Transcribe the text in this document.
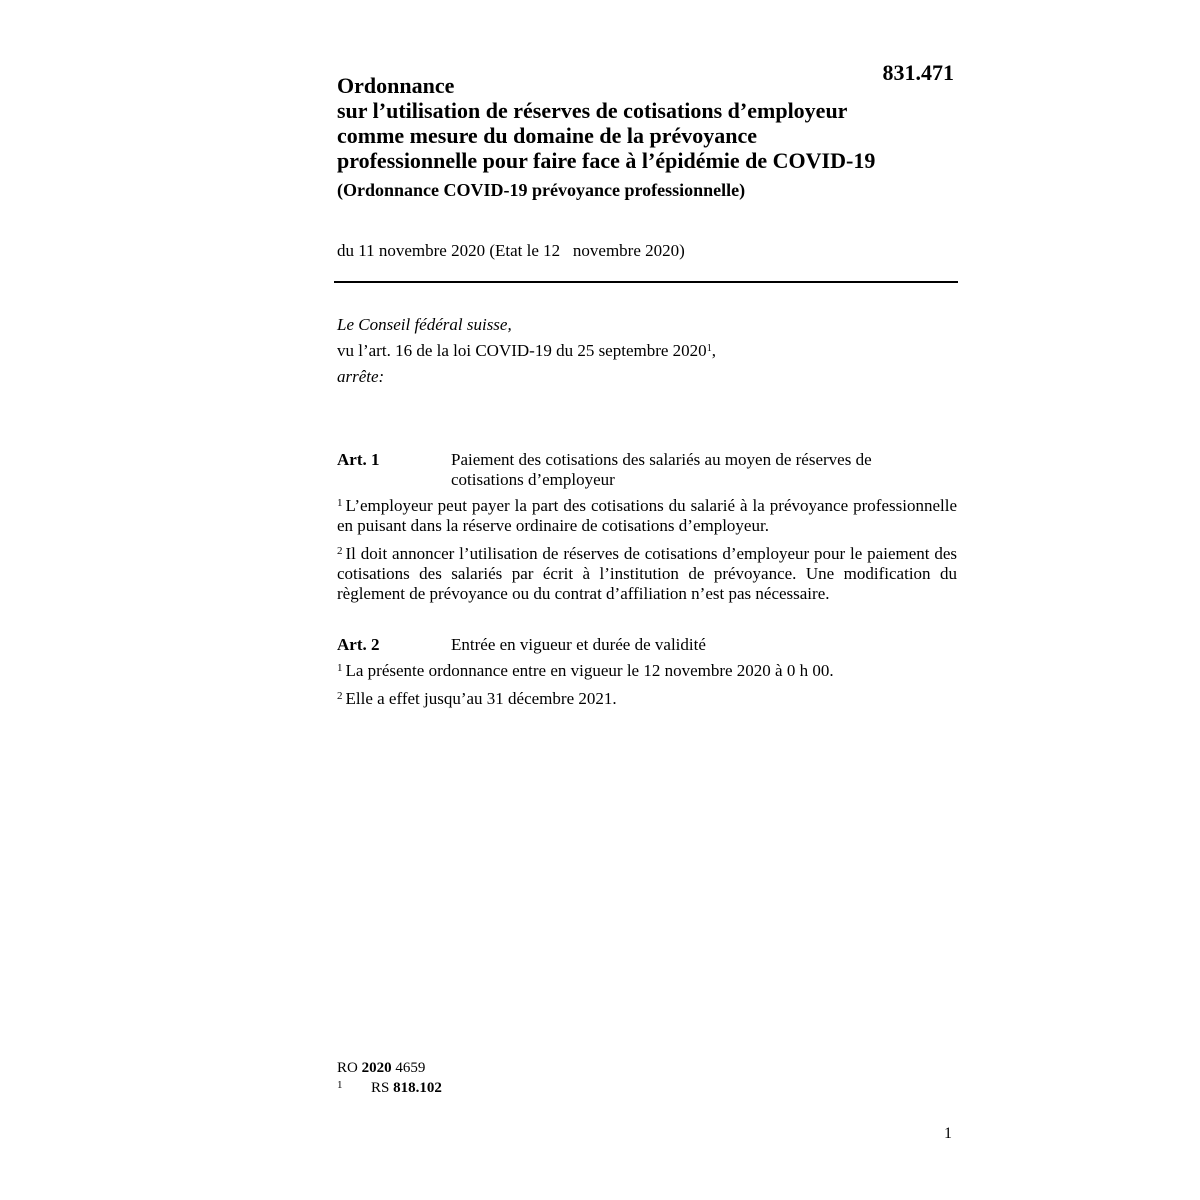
831.471

Ordonnance

sur l’utilisation de réserves de cotisations d’employeur

comme mesure du domaine de la prévoyance

professionnelle pour faire face à l’épidémie de COVID-19

(Ordonnance COVID-19 prévoyance professionnelle)
du 11 novembre 2020 (Etat le 12   novembre 2020)
Le Conseil fédéral suisse,
vu l’art. 16 de la loi COVID-19 du 25 septembre 2020$^1$,
arrête:
Art. 1	Paiement des cotisations des salariés au moyen de réserves de cotisations d’employeur

$^1$ L’employeur peut payer la part des cotisations du salarié à la prévoyance professionnelle en puisant dans la réserve ordinaire de cotisations d’employeur.

$^2$ Il doit annoncer l’utilisation de réserves de cotisations d’employeur pour le paiement des cotisations des salariés par écrit à l’institution de prévoyance. Une modification du règlement de prévoyance ou du contrat d’affiliation n’est pas nécessaire.

Art. 2	Entrée en vigueur et durée de validité

$^1$ La présente ordonnance entre en vigueur le 12 novembre 2020 à 0 h 00.

$^2$ Elle a effet jusqu’au 31 décembre 2021.

RO 2020 4659
1 RS 818.102
1
